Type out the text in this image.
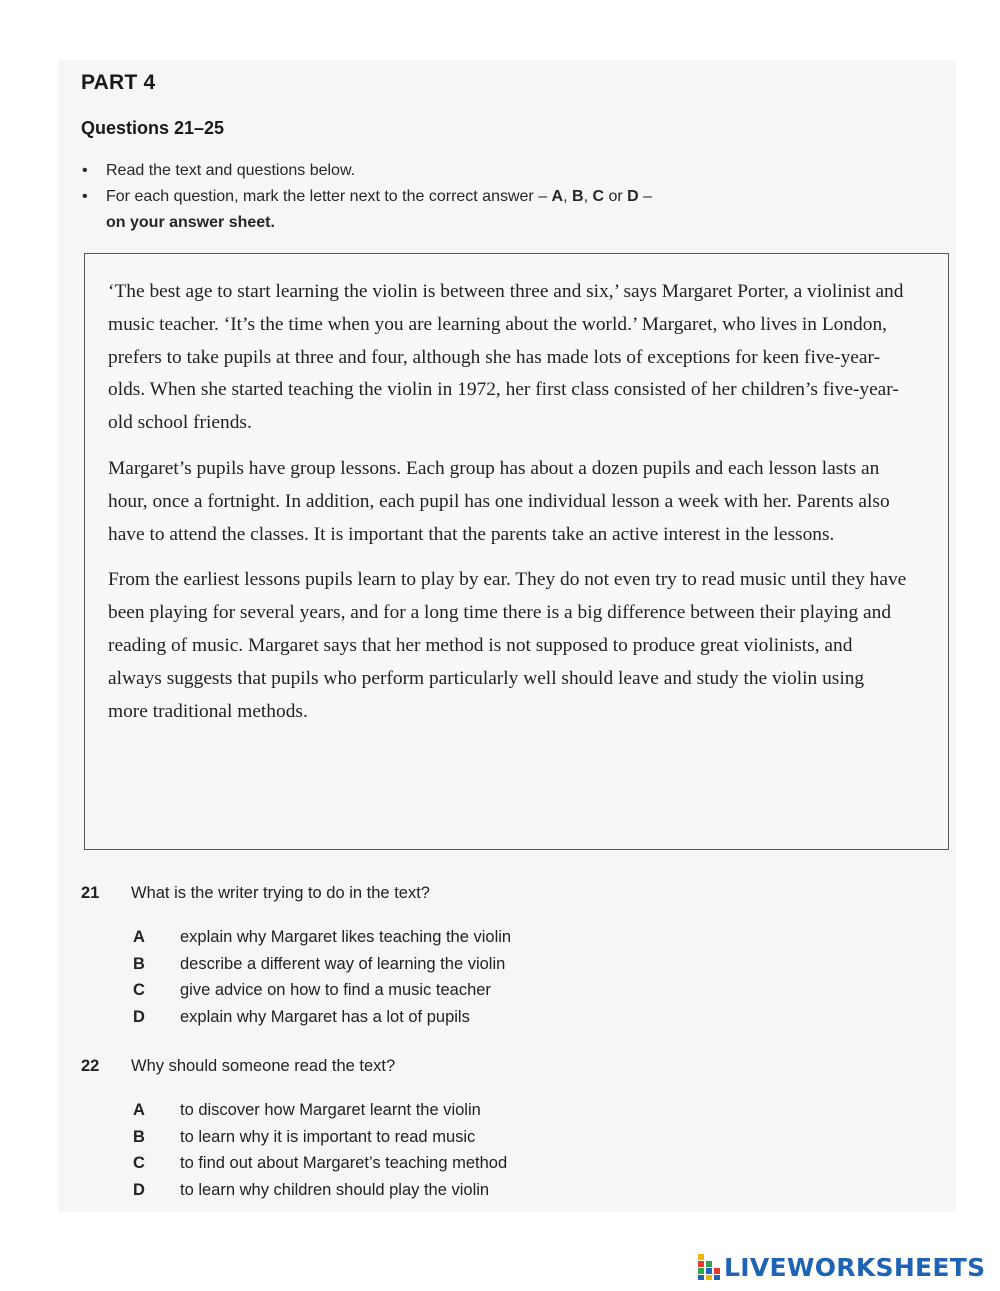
PART 4
Questions 21–25
• Read the text and questions below.
• For each question, mark the letter next to the correct answer – A, B, C or D –
on your answer sheet.

‘The best age to start learning the violin is between three and six,’ says Margaret Porter, a violinist and music teacher. ‘It’s the time when you are learning about the world.’ Margaret, who lives in London, prefers to take pupils at three and four, although she has made lots of exceptions for keen five-year-olds. When she started teaching the violin in 1972, her first class consisted of her children’s five-year-old school friends.

Margaret’s pupils have group lessons. Each group has about a dozen pupils and each lesson lasts an hour, once a fortnight. In addition, each pupil has one individual lesson a week with her. Parents also have to attend the classes. It is important that the parents take an active interest in the lessons.

From the earliest lessons pupils learn to play by ear. They do not even try to read music until they have been playing for several years, and for a long time there is a big difference between their playing and reading of music. Margaret says that her method is not supposed to produce great violinists, and always suggests that pupils who perform particularly well should leave and study the violin using more traditional methods.

21 What is the writer trying to do in the text?
A explain why Margaret likes teaching the violin
B describe a different way of learning the violin
C give advice on how to find a music teacher
D explain why Margaret has a lot of pupils
22 Why should someone read the text?
A to discover how Margaret learnt the violin
B to learn why it is important to read music
C to find out about Margaret’s teaching method
D to learn why children should play the violin
LIVEWORKSHEETS
